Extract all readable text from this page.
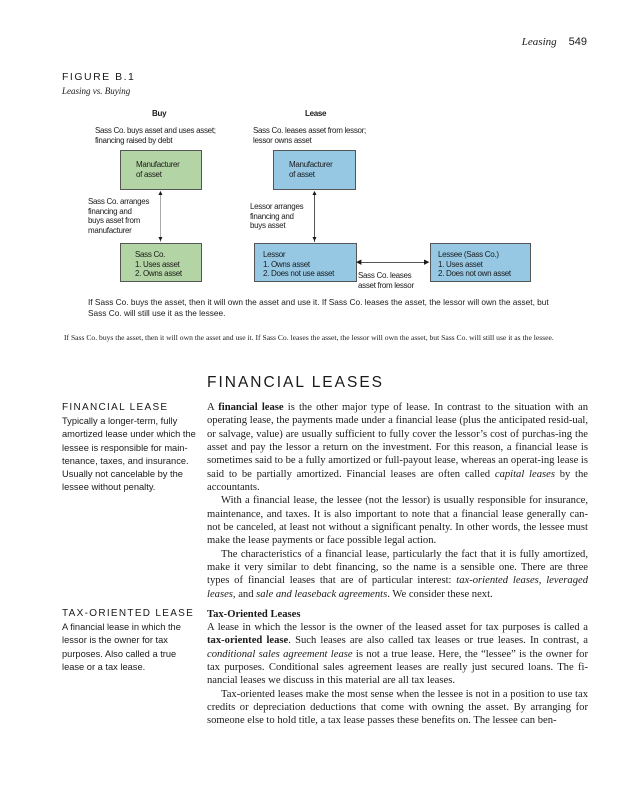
Leasing 549
FIGURE B.1
Leasing vs. Buying
Buy
Sass Co. buys asset and uses asset;
financing raised by debt
Manufacturer
of asset
▲
▼
Sass Co. arranges
financing and
buys asset from
manufacturer
Sass Co.
1. Uses asset
2. Owns asset
Lease
Sass Co. leases asset from lessor;
lessor owns asset
Manufacturer
of asset
▲
▼
Lessor arranges
financing and
buys asset
Lessor
1. Owns asset
2. Does not use asset
◀	▶
Sass Co. leases
asset from lessor
Lessee (Sass Co.)
1. Uses asset
2. Does not own asset
If Sass Co. buys the asset, then it will own the asset and use it. If Sass Co. leases the asset, the lessor will own the asset, but Sass Co. will still use it as the lessee.
If Sass Co. buys the asset, then it will own the asset and use it. If Sass Co. leases the asset, the lessor will own the asset, but Sass Co. will still use it as the lessee.
FINANCIAL LEASES
FINANCIAL LEASE
Typically a longer-term, fully amortized lease under which the lessee is responsible for main-tenance, taxes, and insurance. Usually not cancelable by the lessee without penalty.
TAX-ORIENTED LEASE
A financial lease in which the lessor is the owner for tax purposes. Also called a true lease or a tax lease.

A financial lease is the other major type of lease. In contrast to the situation with an operating lease, the payments made under a financial lease (plus the anticipated resid-ual, or salvage, value) are usually sufficient to fully cover the lessor’s cost of purchas-ing the asset and pay the lessor a return on the investment. For this reason, a financial lease is sometimes said to be a fully amortized or full-payout lease, whereas an operat-ing lease is said to be partially amortized. Financial leases are often called capital leases by the accountants.

With a financial lease, the lessee (not the lessor) is usually responsible for insurance, maintenance, and taxes. It is also important to note that a financial lease generally can-not be canceled, at least not without a significant penalty. In other words, the lessee must make the lease payments or face possible legal action.

The characteristics of a financial lease, particularly the fact that it is fully amortized, make it very similar to debt financing, so the name is a sensible one. There are three types of financial leases that are of particular interest: tax-oriented leases, leveraged leases, and sale and leaseback agreements. We consider these next.

Tax-Oriented Leases

A lease in which the lessor is the owner of the leased asset for tax purposes is called a tax-oriented lease. Such leases are also called tax leases or true leases. In contrast, a conditional sales agreement lease is not a true lease. Here, the “lessee” is the owner for tax purposes. Conditional sales agreement leases are really just secured loans. The fi-nancial leases we discuss in this material are all tax leases.

Tax-oriented leases make the most sense when the lessee is not in a position to use tax credits or depreciation deductions that come with owning the asset. By arranging for someone else to hold title, a tax lease passes these benefits on. The lessee can ben-
